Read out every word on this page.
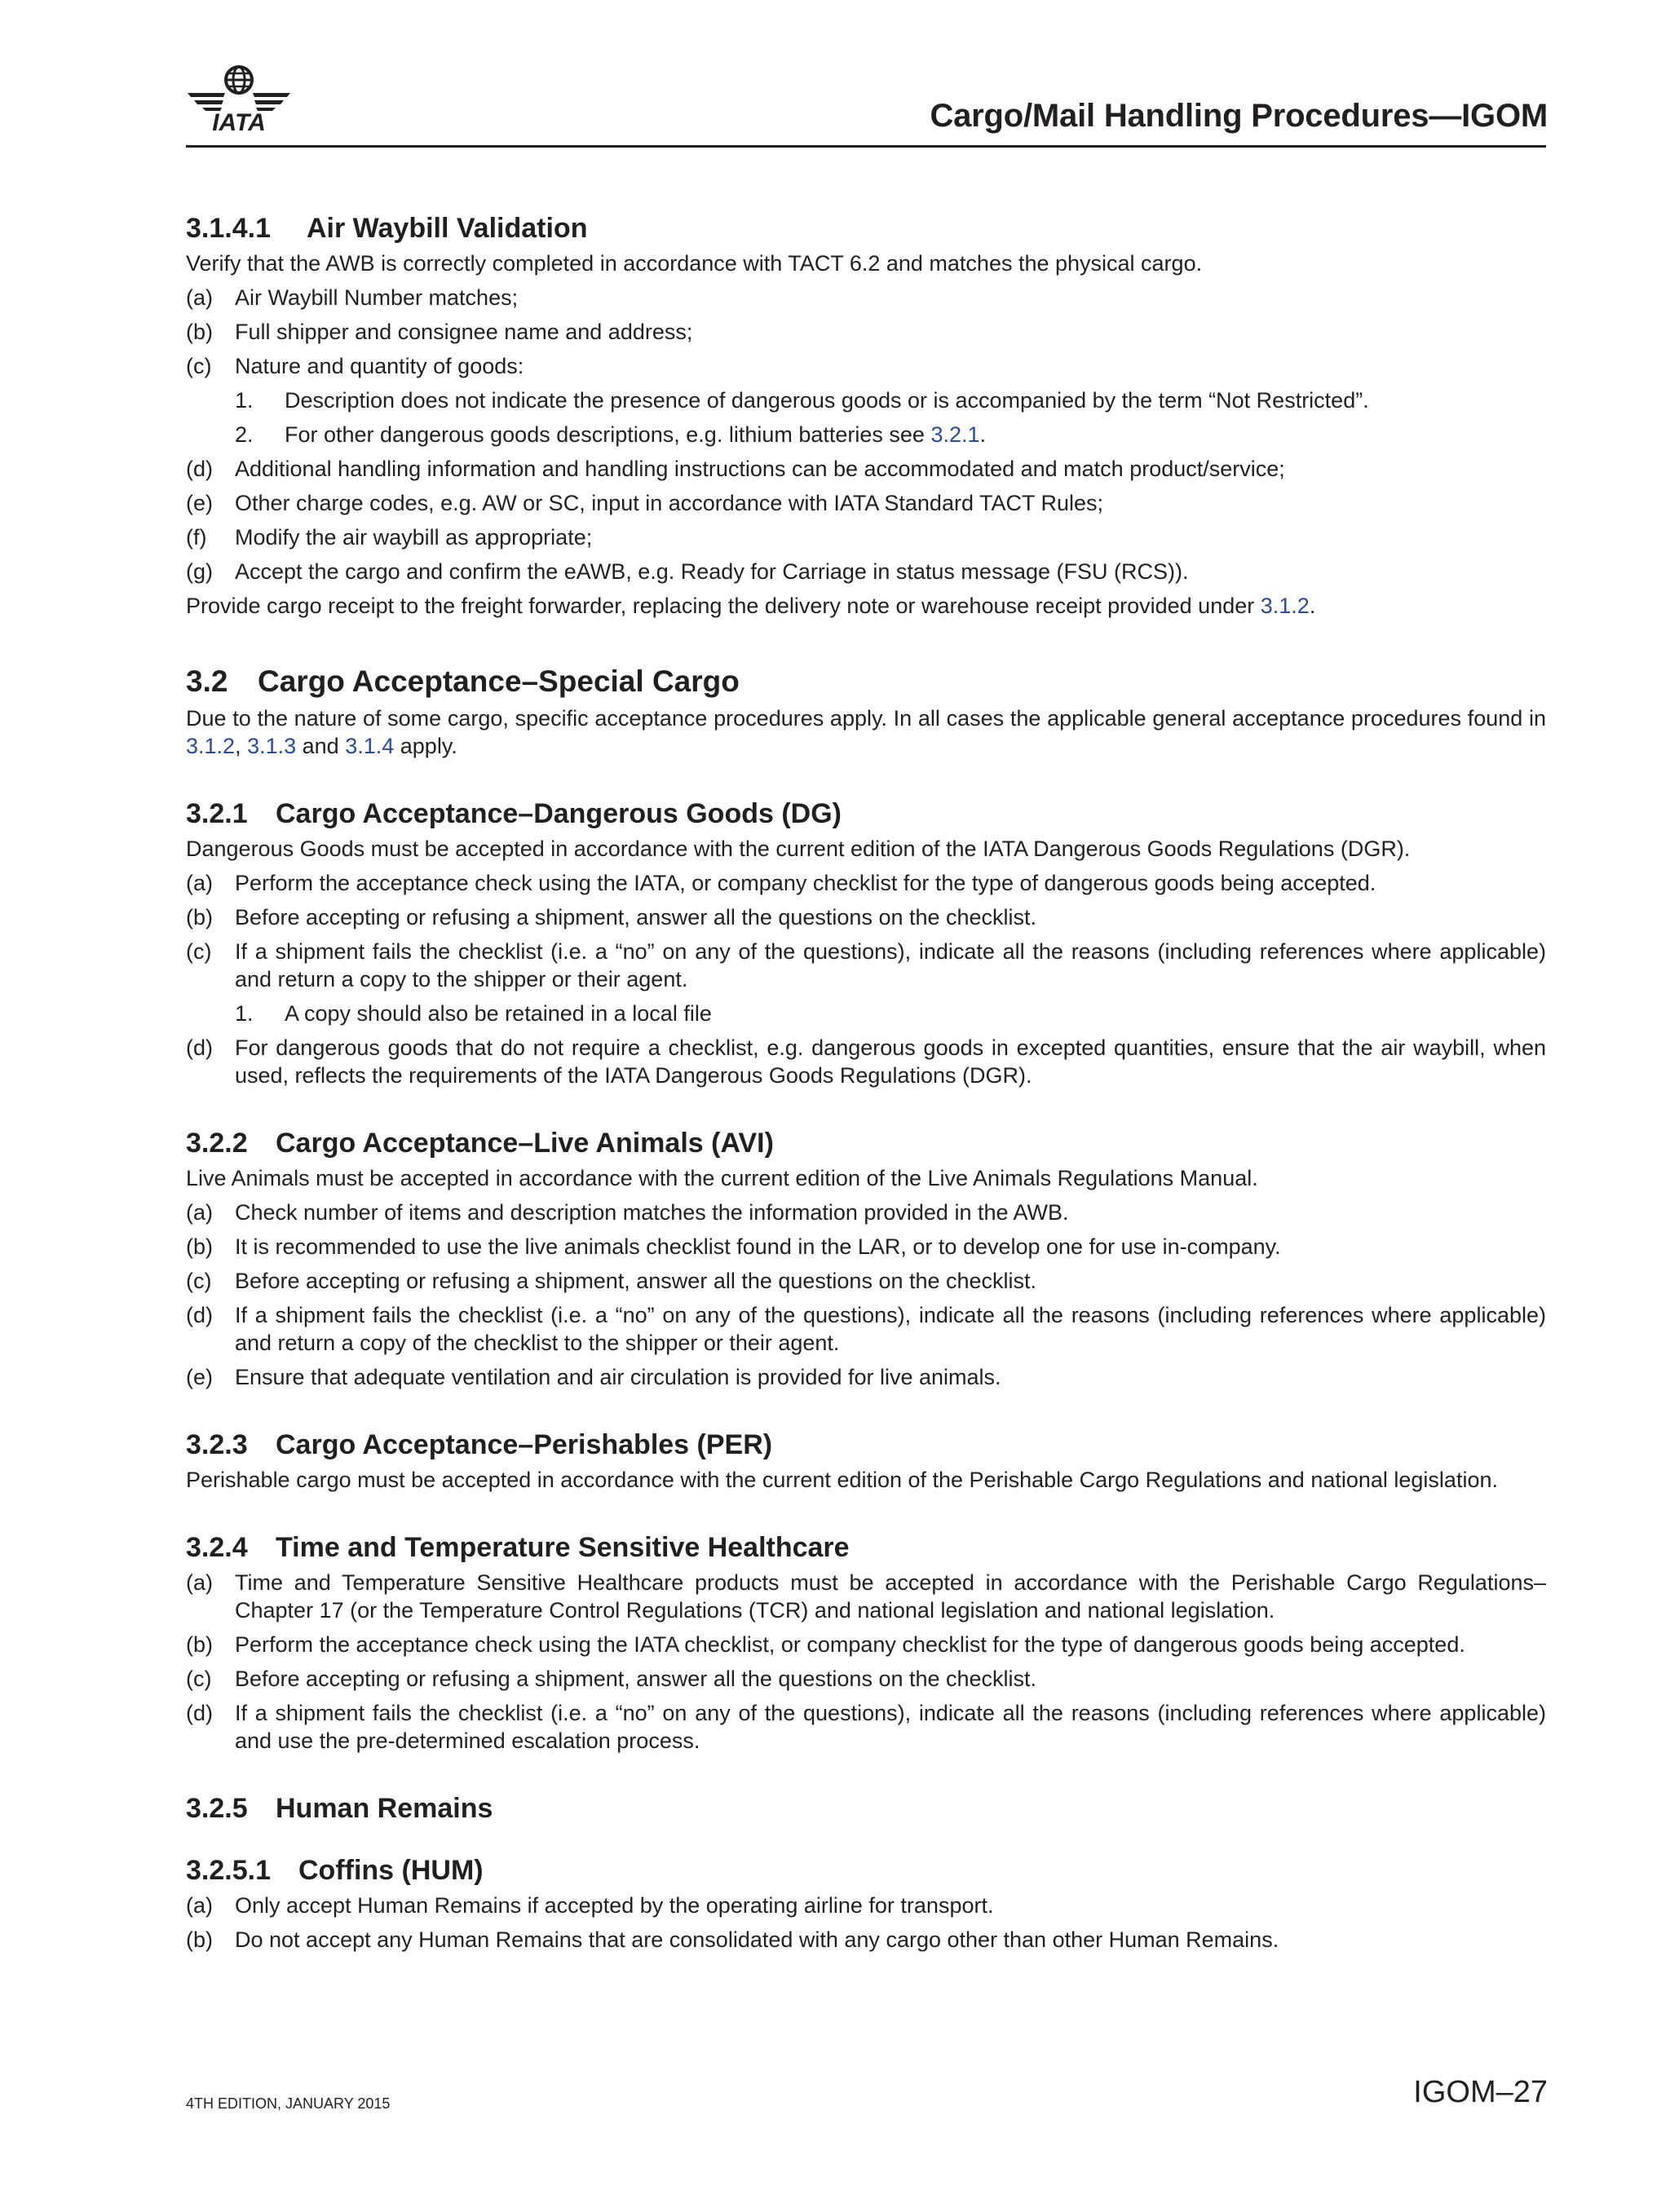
IATA	Cargo/Mail Handling Procedures—IGOM
3.1.4.1	Air Waybill Validation

Verify that the AWB is correctly completed in accordance with TACT 6.2 and matches the physical cargo.

(a)	Air Waybill Number matches;
(b)	Full shipper and consignee name and address;
(c)	Nature and quantity of goods:
1.	Description does not indicate the presence of dangerous goods or is accompanied by the term “Not Restricted”.
2.	For other dangerous goods descriptions, e.g. lithium batteries see 3.2.1.
(d)	Additional handling information and handling instructions can be accommodated and match product/service;
(e)	Other charge codes, e.g. AW or SC, input in accordance with IATA Standard TACT Rules;
(f)	Modify the air waybill as appropriate;
(g)	Accept the cargo and confirm the eAWB, e.g. Ready for Carriage in status message (FSU (RCS)).

Provide cargo receipt to the freight forwarder, replacing the delivery note or warehouse receipt provided under 3.1.2.

3.2 Cargo Acceptance–Special Cargo

Due to the nature of some cargo, specific acceptance procedures apply. In all cases the applicable general acceptance procedures found in 3.1.2, 3.1.3 and 3.1.4 apply.

3.2.1	Cargo Acceptance–Dangerous Goods (DG)

Dangerous Goods must be accepted in accordance with the current edition of the IATA Dangerous Goods Regulations (DGR).

(a)	Perform the acceptance check using the IATA, or company checklist for the type of dangerous goods being accepted.
(b)	Before accepting or refusing a shipment, answer all the questions on the checklist.
(c)	If a shipment fails the checklist (i.e. a “no” on any of the questions), indicate all the reasons (including references where applicable) and return a copy to the shipper or their agent.
1.	A copy should also be retained in a local file
(d)	For dangerous goods that do not require a checklist, e.g. dangerous goods in excepted quantities, ensure that the air waybill, when used, reflects the requirements of the IATA Dangerous Goods Regulations (DGR).
3.2.2	Cargo Acceptance–Live Animals (AVI)

Live Animals must be accepted in accordance with the current edition of the Live Animals Regulations Manual.

(a)	Check number of items and description matches the information provided in the AWB.
(b)	It is recommended to use the live animals checklist found in the LAR, or to develop one for use in-company.
(c)	Before accepting or refusing a shipment, answer all the questions on the checklist.
(d)	If a shipment fails the checklist (i.e. a “no” on any of the questions), indicate all the reasons (including references where applicable) and return a copy of the checklist to the shipper or their agent.
(e)	Ensure that adequate ventilation and air circulation is provided for live animals.
3.2.3	Cargo Acceptance–Perishables (PER)

Perishable cargo must be accepted in accordance with the current edition of the Perishable Cargo Regulations and national legislation.

3.2.4	Time and Temperature Sensitive Healthcare
(a)	Time and Temperature Sensitive Healthcare products must be accepted in accordance with the Perishable Cargo Regulations–Chapter 17 (or the Temperature Control Regulations (TCR) and national legislation and national legislation.
(b)	Perform the acceptance check using the IATA checklist, or company checklist for the type of dangerous goods being accepted.
(c)	Before accepting or refusing a shipment, answer all the questions on the checklist.
(d)	If a shipment fails the checklist (i.e. a “no” on any of the questions), indicate all the reasons (including references where applicable) and use the pre-determined escalation process.
3.2.5	Human Remains
3.2.5.1	Coffins (HUM)
(a)	Only accept Human Remains if accepted by the operating airline for transport.
(b)	Do not accept any Human Remains that are consolidated with any cargo other than other Human Remains.
4TH EDITION, JANUARY 2015	IGOM–27
